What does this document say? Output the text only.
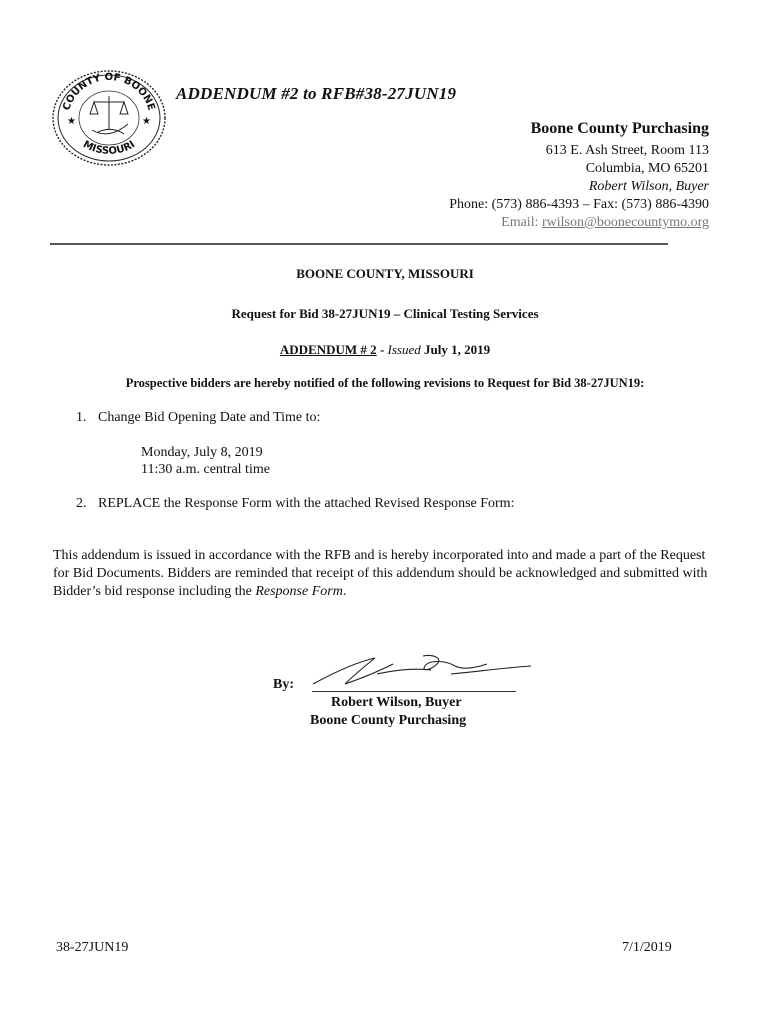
COUNTY OF BOONE
MISSOURI
★	★
ADDENDUM #2 to RFB#38-27JUN19
Boone County Purchasing
613 E. Ash Street, Room 113
Columbia, MO 65201
Robert Wilson, Buyer
Phone: (573) 886-4393 – Fax: (573) 886-4390
Email: rwilson@boonecountymo.org
BOONE COUNTY, MISSOURI
Request for Bid 38-27JUN19 – Clinical Testing Services
ADDENDUM # 2 - Issued July 1, 2019
Prospective bidders are hereby notified of the following revisions to Request for Bid 38-27JUN19:
1. Change Bid Opening Date and Time to:
Monday, July 8, 2019
11:30 a.m. central time
2. REPLACE the Response Form with the attached Revised Response Form:
This addendum is issued in accordance with the RFB and is hereby incorporated into and made a part of the Request for Bid Documents. Bidders are reminded that receipt of this addendum should be acknowledged and submitted with Bidder’s bid response including the Response Form.
By:
Robert Wilson, Buyer
Boone County Purchasing
38-27JUN19	7/1/2019
